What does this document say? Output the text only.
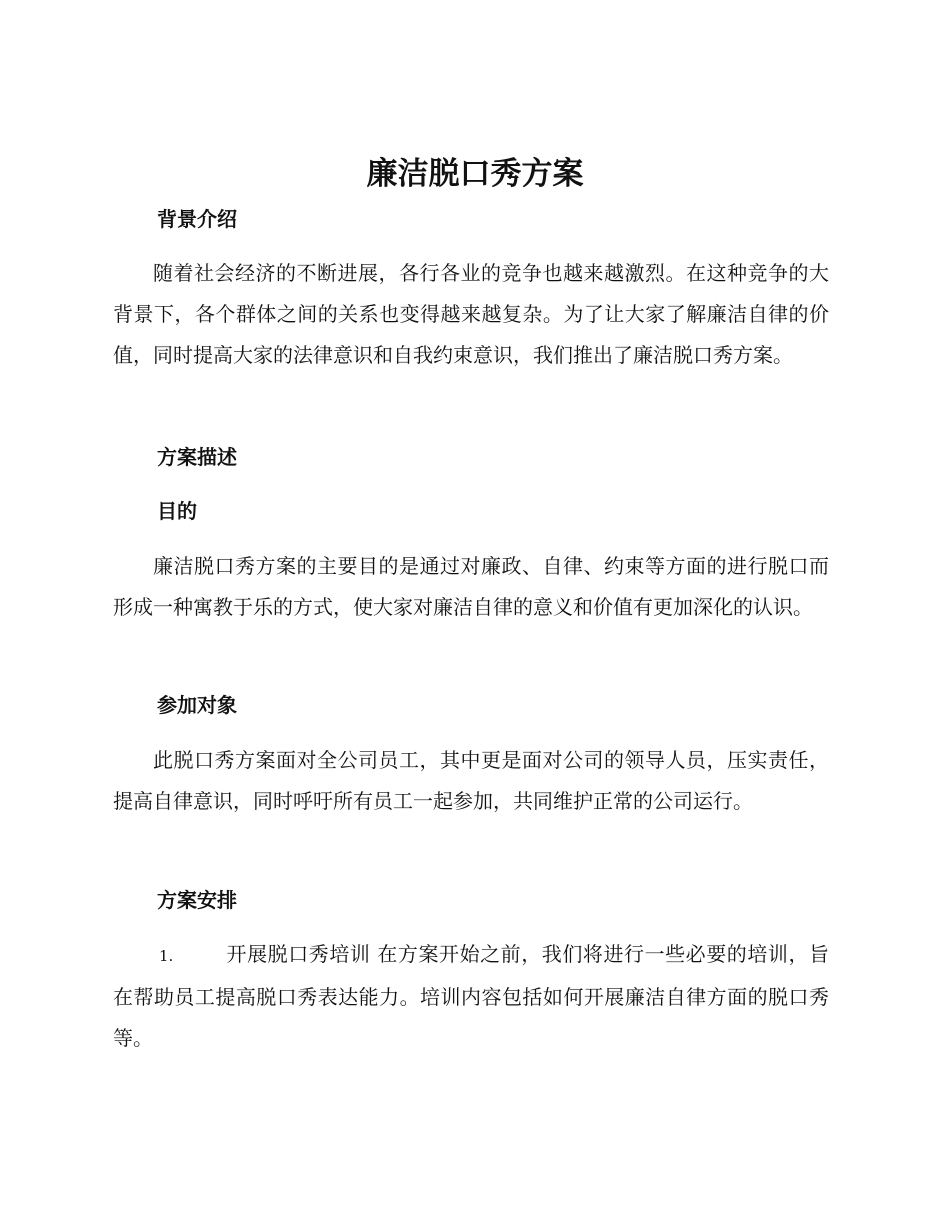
廉洁脱口秀方案
背景介绍

随着社会经济的不断进展，各行各业的竞争也越来越激烈。在这种竞争的大背景下，各个群体之间的关系也变得越来越复杂。为了让大家了解廉洁自律的价值，同时提高大家的法律意识和自我约束意识，我们推出了廉洁脱口秀方案。

方案描述
目的

廉洁脱口秀方案的主要目的是通过对廉政、自律、约束等方面的进行脱口而形成一种寓教于乐的方式，使大家对廉洁自律的意义和价值有更加深化的认识。

参加对象

此脱口秀方案面对全公司员工，其中更是面对公司的领导人员，压实责任，提高自律意识，同时呼吁所有员工一起参加，共同维护正常的公司运行。

方案安排

1.	开展脱口秀培训 在方案开始之前，我们将进行一些必要的培训，旨在帮助员工提高脱口秀表达能力。培训内容包括如何开展廉洁自律方面的脱口秀等。
